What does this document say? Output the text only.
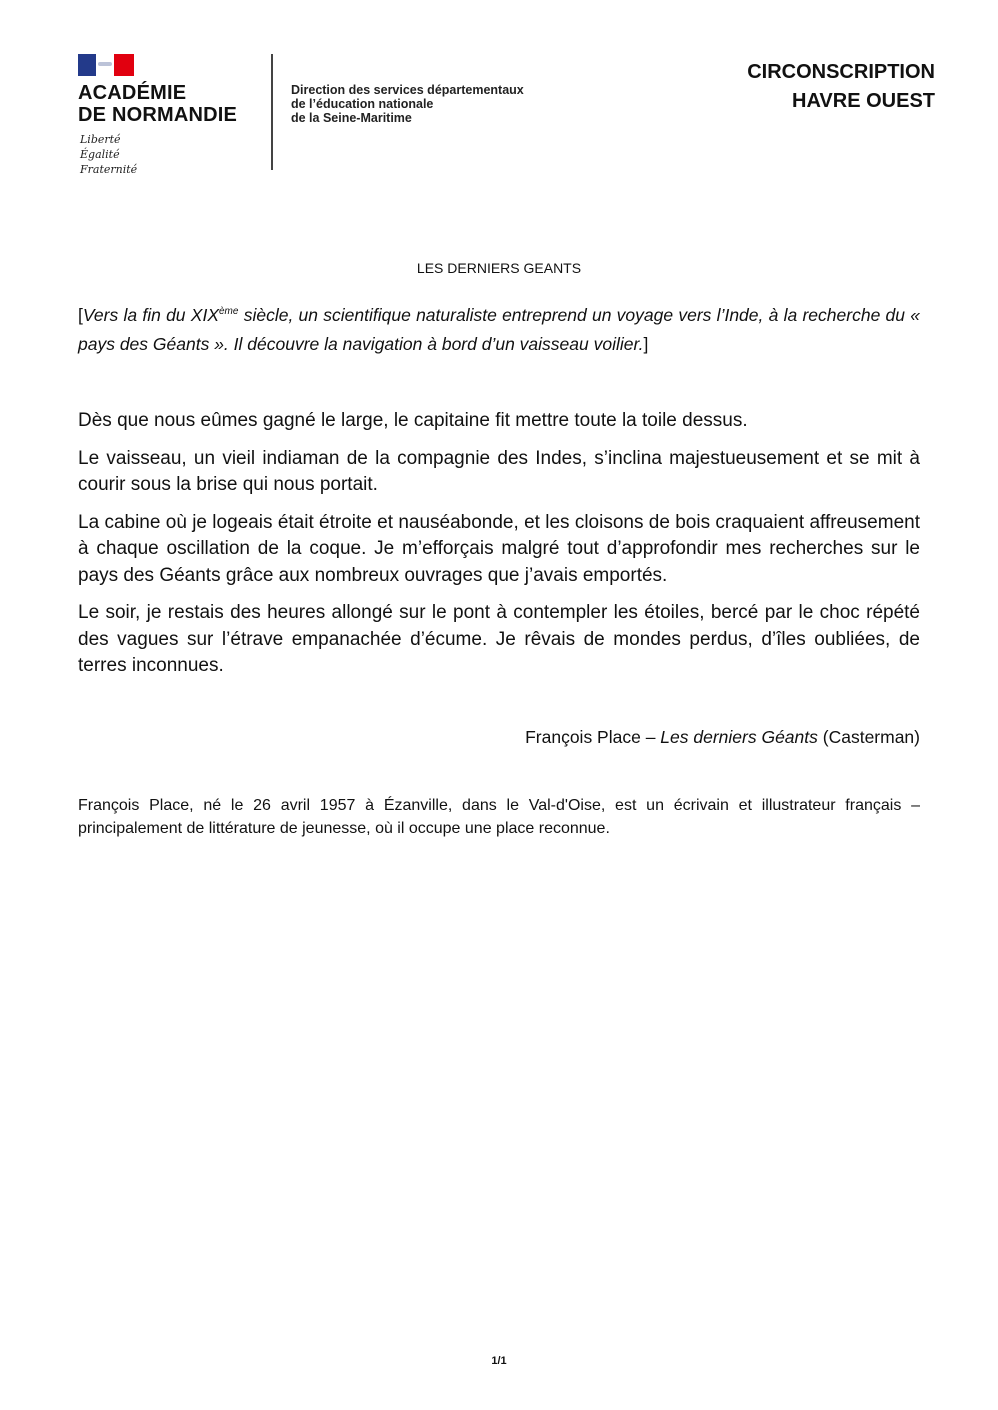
ACADÉMIE
DE NORMANDIE
Liberté
Égalité
Fraternité
Direction des services départementaux
de l’éducation nationale
de la Seine-Maritime
CIRCONSCRIPTION
HAVRE OUEST
LES DERNIERS GEANTS
[Vers la fin du XIXème siècle, un scientifique naturaliste entreprend un voyage vers l’Inde, à la recherche du « pays des Géants ». Il découvre la navigation à bord d’un vaisseau voilier.]

Dès que nous eûmes gagné le large, le capitaine fit mettre toute la toile dessus.

Le vaisseau, un vieil indiaman de la compagnie des Indes, s’inclina majestueusement et se mit à courir sous la brise qui nous portait.

La cabine où je logeais était étroite et nauséabonde, et les cloisons de bois craquaient affreusement à chaque oscillation de la coque. Je m’efforçais malgré tout d’approfondir mes recherches sur le pays des Géants grâce aux nombreux ouvrages que j’avais emportés.

Le soir, je restais des heures allongé sur le pont à contempler les étoiles, bercé par le choc répété des vagues sur l’étrave empanachée d’écume. Je rêvais de mondes perdus, d’îles oubliées, de terres inconnues.

François Place – Les derniers Géants (Casterman)
François Place, né le 26 avril 1957 à Ézanville, dans le Val-d'Oise, est un écrivain et illustrateur français – principalement de littérature de jeunesse, où il occupe une place reconnue.
1/1
